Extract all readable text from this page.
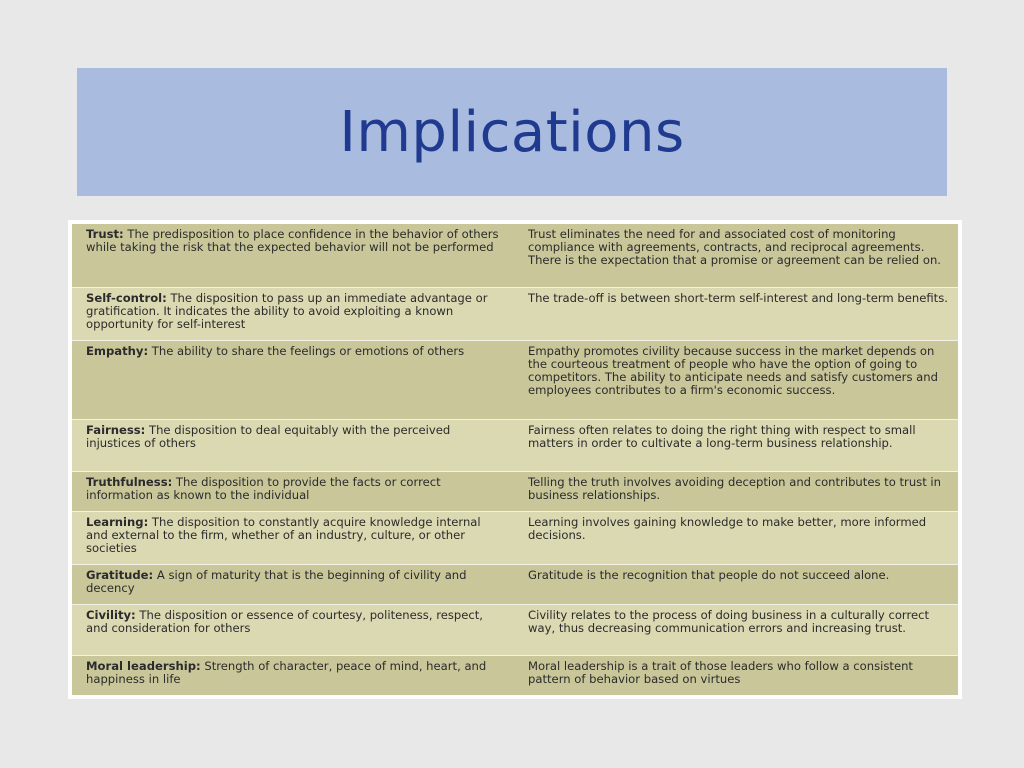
Implications
Trust: The predisposition to place confidence in the behavior of others while taking the risk that the expected behavior will not be performed
Trust eliminates the need for and associated cost of monitoring compliance with agreements, contracts, and reciprocal agreements. There is the expectation that a promise or agreement can be relied on.
Self-control: The disposition to pass up an immediate advantage or gratification. It indicates the ability to avoid exploiting a known opportunity for self-interest
The trade-off is between short-term self-interest and long-term benefits.
Empathy: The ability to share the feelings or emotions of others	Empathy promotes civility because success in the market depends on the courteous treatment of people who have the option of going to competitors. The ability to anticipate needs and satisfy customers and employees contributes to a firm's economic success.
Fairness: The disposition to deal equitably with the perceived injustices of others
Fairness often relates to doing the right thing with respect to small matters in order to cultivate a long-term business relationship.
Truthfulness: The disposition to provide the facts or correct information as known to the individual
Telling the truth involves avoiding deception and contributes to trust in business relationships.
Learning: The disposition to constantly acquire knowledge internal and external to the firm, whether of an industry, culture, or other societies
Learning involves gaining knowledge to make better, more informed decisions.
Gratitude: A sign of maturity that is the beginning of civility and decency
Gratitude is the recognition that people do not succeed alone.
Civility: The disposition or essence of courtesy, politeness, respect, and consideration for others
Civility relates to the process of doing business in a culturally correct way, thus decreasing communication errors and increasing trust.
Moral leadership: Strength of character, peace of mind, heart, and happiness in life
Moral leadership is a trait of those leaders who follow a consistent pattern of behavior based on virtues
